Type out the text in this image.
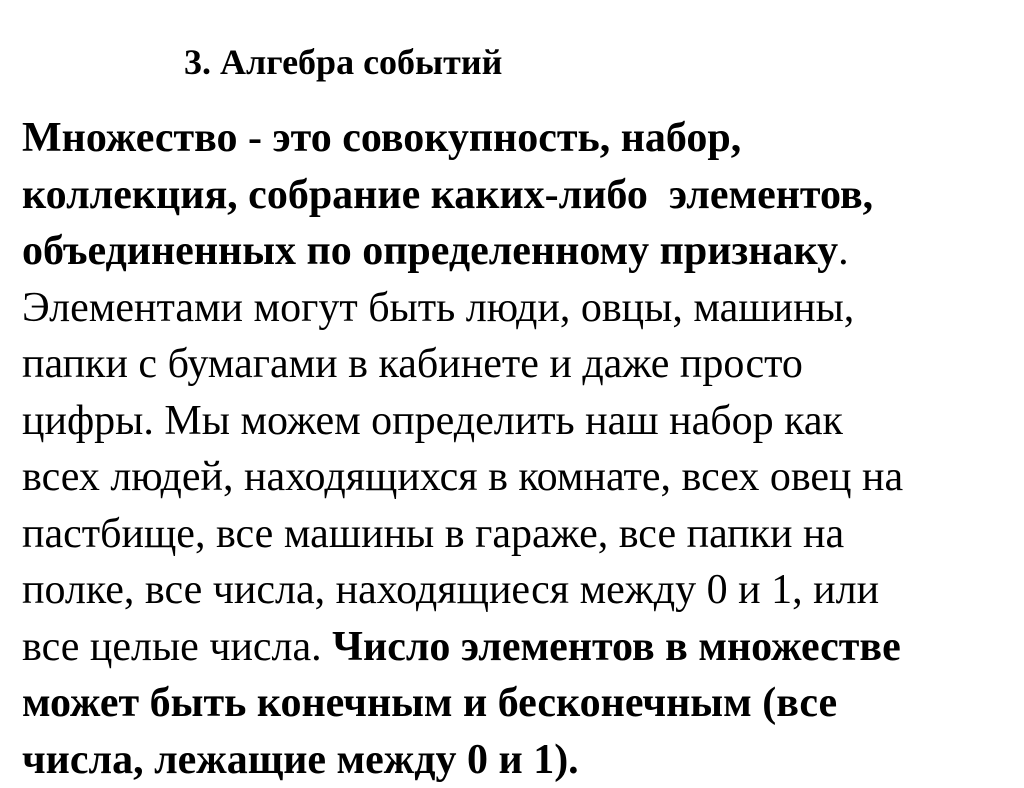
3. Алгебра событий
Множество - это совокупность, набор,
коллекция, собрание каких-либо  элементов,
объединенных по определенному признаку.
Элементами могут быть люди, овцы, машины,
папки с бумагами в кабинете и даже просто
цифры. Мы можем определить наш набор как
всех людей, находящихся в комнате, всех овец на
пастбище, все машины в гараже, все папки на
полке, все числа, находящиеся между 0 и 1, или
все целые числа. Число элементов в множестве
может быть конечным и бесконечным (все
числа, лежащие между 0 и 1).
